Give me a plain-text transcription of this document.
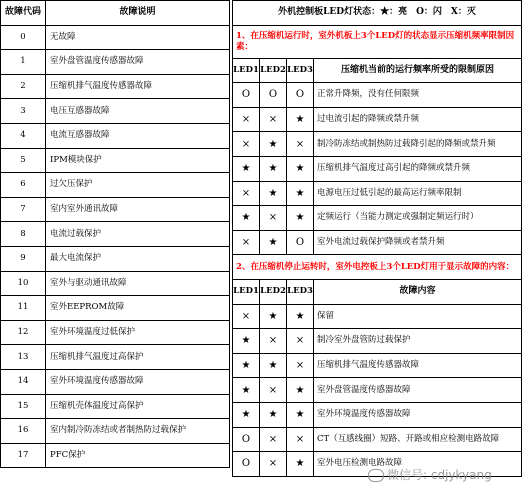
故障代码	故障说明
0	无故障
1	室外盘管温度传感器故障
2	压缩机排气温度传感器故障
3	电压互感器故障
4	电流互感器故障
5	IPM模块保护
6	过欠压保护
7	室内室外通讯故障
8	电流过载保护
9	最大电流保护
10	室外与驱动通讯故障
11	室外EEPROM故障
12	室外环境温度过低保护
13	压缩机排气温度过高保护
14	室外环境温度传感器故障
15	压缩机壳体温度过高保护
16	室内制冷防冻结或者制热防过载保护
17	PFC保护
外机控制板LED灯状态：★：亮　O：闪　X：灭			
1、在压缩机运行时，室外机板上3个LED灯的状态显示压缩机频率限制因素：			
LED1	LED2	LED3	压缩机当前的运行频率所受的限制原因
O	O	O	正常升降频，没有任何限频
×	×	★	过电流引起的降频或禁升频
×	★	×	制冷防冻结或制热防过载降引起的降频或禁升频
★	★	★	压缩机排气温度过高引起的降频或禁升频
×	★	★	电源电压过低引起的最高运行频率限制
★	×	★	定频运行（当能力测定或强制定频运行时）
×	★	O	室外电流过载保护降频或者禁升频
2、在压缩机停止运转时，室外电控板上3个LED灯用于显示故障的内容：			
LED1	LED2	LED3	故障内容
×	★	★	保留
★	×	×	制冷室外盘管防过载保护
★	★	×	压缩机排气温度传感器故障
★	×	★	室外盘管温度传感器故障
★	★	★	室外环境温度传感器故障
O	×	×	CT（互感线圈）短路、开路或相应检测电路故障
O	×	★	室外电压检测电路故障
微信号: cdjykyang
